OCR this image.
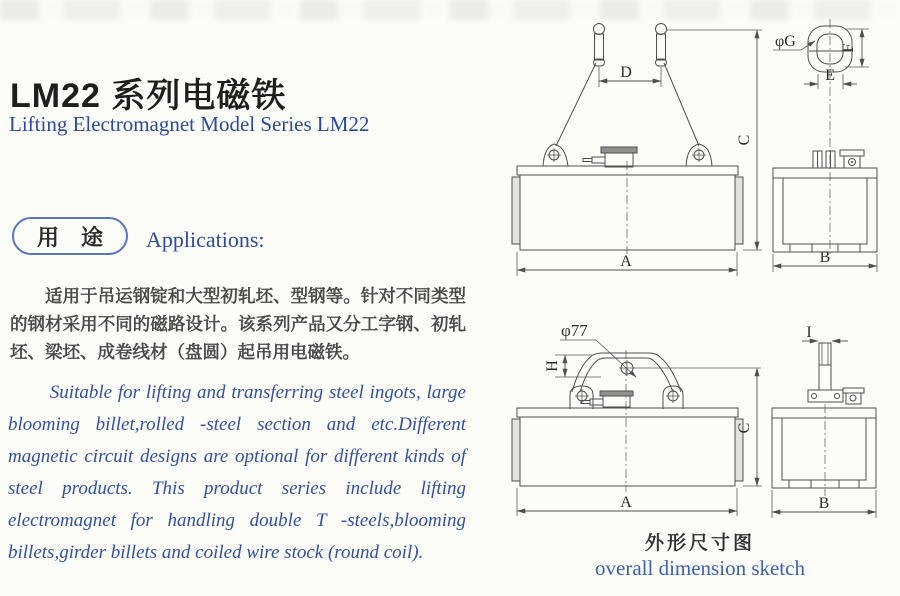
LM22 系列电磁铁
Lifting Electromagnet Model Series LM22
用　途 Applications:
适用于吊运钢锭和大型初轧坯、型钢等。针对不同类型的钢材采用不同的磁路设计。该系列产品又分工字钢、初轧坯、梁坯、成卷线材（盘圆）起吊用电磁铁。
Suitable for lifting and transferring steel ingots, large blooming billet,rolled -steel section and etc.Different magnetic circuit designs are optional for different kinds of steel products. This product series include lifting electromagnet for handling double T -steels,blooming billets,girder billets and coiled wire stock (round coil).
D
A
C
φG	F
E
B
φ77
H
A
C
I
B
外形尺寸图
overall dimension sketch
